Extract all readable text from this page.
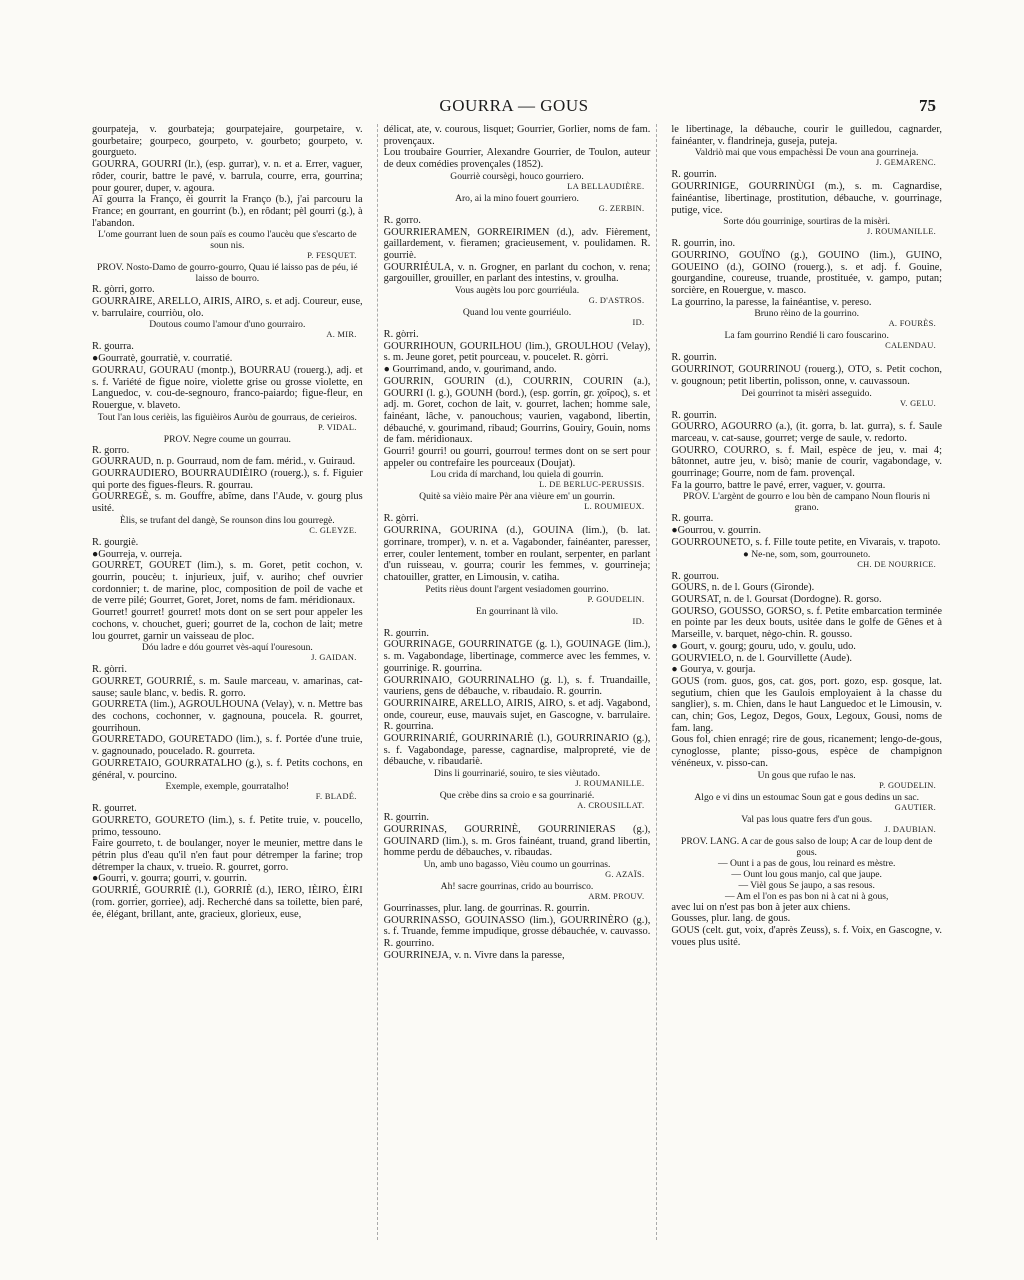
GOURRA — GOUS	75

gourpateja, v. gourbateja; gourpatejaire, gourpetaire, v. gourbetaire; gourpeco, gourpeto, v. gourbeto; gourpeto, v. gourgueto.

GOURRA, GOURRI (lr.), (esp. gurrar), v. n. et a. Errer, vaguer, rôder, courir, battre le pavé, v. barrula, courre, erra, gourrina; pour gourer, duper, v. agoura.

Aï gourra la Franço, èi gourrit la Franço (b.), j'ai parcouru la France; en gourrant, en gourrint (b.), en rôdant; pèl gourri (g.), à l'abandon.

L'ome gourrant luen de soun païs es coumo l'aucèu que s'escarto de soun nis.

P. FESQUET.

PROV. Nosto-Damo de gourro-gourro, Quau ié laisso pas de péu, ié laisso de bourro.

R. gòrri, gorro.

GOURRAIRE, ARELLO, AIRIS, AIRO, s. et adj. Coureur, euse, v. barrulaire, courriòu, olo.

Doutous coumo l'amour d'uno gourrairo.

A. MIR.

R. gourra.

●Gourratè, gourratiè, v. courratié.

GOURRAU, GOURAU (montp.), BOURRAU (rouerg.), adj. et s. f. Variété de figue noire, violette grise ou grosse violette, en Languedoc, v. cou-de-segnouro, franco-paiardo; figue-fleur, en Rouergue, v. blaveto.

Tout l'an lous cerièis, las figuièiros Auròu de gourraus, de cerieiros.

P. VIDAL.

PROV. Negre coume un gourrau.

R. gorro.

GOURRAUD, n. p. Gourraud, nom de fam. mérid., v. Guiraud.

GOURRAUDIERO, BOURRAUDIÈIRO (rouerg.), s. f. Figuier qui porte des figues-fleurs. R. gourrau.

GOURREGÈ, s. m. Gouffre, abîme, dans l'Aude, v. gourg plus usité.

Èlis, se trufant del dangè, Se rounson dins lou gourregè.

C. GLEYZE.

R. gourgiè.

●Gourreja, v. ourreja.

GOURRET, GOURET (lim.), s. m. Goret, petit cochon, v. gourrin, poucèu; t. injurieux, juif, v. auriho; chef ouvrier cordonnier; t. de marine, ploc, composition de poil de vache et de verre pilé; Gourret, Goret, Joret, noms de fam. méridionaux.

Gourret! gourret! gourret! mots dont on se sert pour appeler les cochons, v. chouchet, gueri; gourret de la, cochon de lait; metre lou gourret, garnir un vaisseau de ploc.

Dóu ladre e dóu gourret vès-aquí l'ouresoun.

J. GAIDAN.

R. gòrri.

GOURRET, GOURRIÉ, s. m. Saule marceau, v. amarinas, cat-sause; saule blanc, v. bedis. R. gorro.

GOURRETA (lim.), AGROULHOUNA (Velay), v. n. Mettre bas des cochons, cochonner, v. gagnouna, poucela. R. gourret, gourrihoun.

GOURRETADO, GOURETADO (lim.), s. f. Portée d'une truie, v. gagnounado, poucelado. R. gourreta.

GOURRETAIO, GOURRATALHO (g.), s. f. Petits cochons, en général, v. pourcino.

Exemple, exemple, gourratalho!

F. BLADÉ.

R. gourret.

GOURRETO, GOURETO (lim.), s. f. Petite truie, v. poucello, primo, tessouno.

Faire gourreto, t. de boulanger, noyer le meunier, mettre dans le pétrin plus d'eau qu'il n'en faut pour détremper la farine; trop détremper la chaux, v. trueio. R. gourret, gorro.

●Gourri, v. gourra; gourri, v. gourrin.

GOURRIÉ, GOURRIÈ (l.), GORRIÈ (d.), IERO, IÈIRO, ÈIRI (rom. gorrier, gorriee), adj. Recherché dans sa toilette, bien paré, ée, élégant, brillant, ante, gracieux, glorieux, euse,

délicat, ate, v. courous, lisquet; Gourrier, Gorlier, noms de fam. provençaux.

Lou troubaire Gourrier, Alexandre Gourrier, de Toulon, auteur de deux comédies provençales (1852).

Gourriè coursègi, houco gourriero.

LA BELLAUDIÈRE.

Aro, ai la mino fouert gourriero.

G. ZERBIN.

R. gorro.

GOURRIERAMEN, GORREIRIMEN (d.), adv. Fièrement, gaillardement, v. fieramen; gracieusement, v. poulidamen. R. gourriè.

GOURRIÉULA, v. n. Grogner, en parlant du cochon, v. rena; gargouiller, grouiller, en parlant des intestins, v. groulha.

Vous augèts lou porc gourriéula.

G. D'ASTROS.

Quand lou vente gourriéulo.

ID.

R. gòrri.

GOURRIHOUN, GOURILHOU (lim.), GROULHOU (Velay), s. m. Jeune goret, petit pourceau, v. poucelet. R. gòrri.

● Gourrimand, ando, v. gourimand, ando.

GOURRIN, GOURIN (d.), COURRIN, COURIN (a.), GOURRI (l. g.), GOUNH (bord.), (esp. gorrín, gr. χοῖρος), s. et adj. m. Goret, cochon de lait, v. gourret, lachen; homme sale, fainéant, lâche, v. panouchous; vaurien, vagabond, libertin, débauché, v. gourimand, ribaud; Gourrins, Gouiry, Gouin, noms de fam. méridionaux.

Gourri! gourri! ou gourri, gourrou! termes dont on se sert pour appeler ou contrefaire les pourceaux (Doujat).

Lou crida dí marchand, lou quiela di gourrin.

L. DE BERLUC-PERUSSIS.

Quitè sa vièio maire Pèr ana vièure em' un gourrin.

L. ROUMIEUX.

R. gòrri.

GOURRINA, GOURINA (d.), GOUINA (lim.), (b. lat. gorrinare, tromper), v. n. et a. Vagabonder, fainéanter, paresser, errer, couler lentement, tomber en roulant, serpenter, en parlant d'un ruisseau, v. gourra; courir les femmes, v. gourrineja; chatouiller, gratter, en Limousin, v. catiha.

Petits rièus dount l'argent vesiadomen gourrino.

P. GOUDELIN.

En gourrinant là vilo.

ID.

R. gourrin.

GOURRINAGE, GOURRINATGE (g. l.), GOUINAGE (lim.), s. m. Vagabondage, libertinage, commerce avec les femmes, v. gourrinige. R. gourrina.

GOURRINAIO, GOURRINALHO (g. l.), s. f. Truandaille, vauriens, gens de débauche, v. ribaudaio. R. gourrin.

GOURRINAIRE, ARELLO, AIRIS, AIRO, s. et adj. Vagabond, onde, coureur, euse, mauvais sujet, en Gascogne, v. barrulaire. R. gourrina.

GOURRINARIÉ, GOURRINARIÈ (l.), GOURRINARIO (g.), s. f. Vagabondage, paresse, cagnardise, malpropreté, vie de débauche, v. ribaudariè.

Dins li gourrinarié, souiro, te sies vièutado.

J. ROUMANILLE.

Que crèbe dins sa croio e sa gourrinarié.

A. CROUSILLAT.

R. gourrin.

GOURRINAS, GOURRINÈ, GOURRINIERAS (g.), GOUINARD (lim.), s. m. Gros fainéant, truand, grand libertin, homme perdu de débauches, v. ribaudas.

Un, amb uno bagasso, Vièu coumo un gourrinas.

G. AZAÏS.

Ah! sacre gourrinas, crido au bourrisco.

ARM. PROUV.

Gourrinasses, plur. lang. de gourrinas. R. gourrin.

GOURRINASSO, GOUINASSO (lim.), GOURRINÈRO (g.), s. f. Truande, femme impudique, grosse débauchée, v. cauvasso. R. gourrino.

GOURRINEJA, v. n. Vivre dans la paresse,

le libertinage, la débauche, courir le guilledou, cagnarder, fainéanter, v. flandrineja, guseja, puteja.

Valdriò mai que vous empachèssi De voun ana gourrineja.

J. GEMARENC.

R. gourrin.

GOURRINIGE, GOURRINÙGI (m.), s. m. Cagnardise, fainéantise, libertinage, prostitution, débauche, v. gourrinage, putige, vice.

Sorte dóu gourrinige, sourtiras de la misèri.

J. ROUMANILLE.

R. gourrin, ino.

GOURRINO, GOUÏNO (g.), GOUINO (lim.), GUINO, GOUEINO (d.), GOINO (rouerg.), s. et adj. f. Gouine, gourgandine, coureuse, truande, prostituée, v. gampo, putan; sorcière, en Rouergue, v. masco.

La gourrino, la paresse, la fainéantise, v. pereso.

Bruno rèino de la gourrino.

A. FOURÈS.

La fam gourrino Rendié li caro fouscarino.

CALENDAU.

R. gourrin.

GOURRINOT, GOURRINOU (rouerg.), OTO, s. Petit cochon, v. gougnoun; petit libertin, polisson, onne, v. cauvassoun.

Dei gourrinot ta misèri asseguido.

V. GELU.

R. gourrin.

GOURRO, AGOURRO (a.), (it. gorra, b. lat. gurra), s. f. Saule marceau, v. cat-sause, gourret; verge de saule, v. redorto.

GOURRO, COURRO, s. f. Mail, espèce de jeu, v. mai 4; bâtonnet, autre jeu, v. bisò; manie de courir, vagabondage, v. gourrinage; Gourre, nom de fam. provençal.

Fa la gourro, battre le pavé, errer, vaguer, v. gourra.

PROV. L'argènt de gourro e lou bèn de campano Noun flouris ni grano.

R. gourra.

●Gourrou, v. gourrin.

GOURROUNETO, s. f. Fille toute petite, en Vivarais, v. trapoto.

● Ne-ne, som, som, gourrouneto.

CH. DE NOURRICE.

R. gourrou.

GOURS, n. de l. Gours (Gironde).

GOURSAT, n. de l. Goursat (Dordogne). R. gorso.

GOURSO, GOUSSO, GORSO, s. f. Petite embarcation terminée en pointe par les deux bouts, usitée dans le golfe de Gênes et à Marseille, v. barquet, nègo-chin. R. gousso.

● Gourt, v. gourg; gouru, udo, v. goulu, udo.

GOURVIELO, n. de l. Gourvillette (Aude).

● Gourya, v. gourja.

GOUS (rom. guos, gos, cat. gos, port. gozo, esp. gosque, lat. segutium, chien que les Gaulois employaient à la chasse du sanglier), s. m. Chien, dans le haut Languedoc et le Limousin, v. can, chin; Gos, Legoz, Degos, Goux, Legoux, Gousi, noms de fam. lang.

Gous fol, chien enragé; rire de gous, ricanement; lengo-de-gous, cynoglosse, plante; pisso-gous, espèce de champignon vénéneux, v. pisso-can.

Un gous que rufao le nas.

P. GOUDELIN.

Algo e vi dins un estoumac Soun gat e gous dedins un sac.

GAUTIER.

Val pas lous quatre fers d'un gous.

J. DAUBIAN.

PROV. LANG. A car de gous salso de loup; A car de loup dent de gous.

— Ount i a pas de gous, lou reinard es mèstre.

— Ount lou gous manjo, cal que jaupe.

— Vièl gous Se jaupo, a sas resous.

— Am el l'on es pas bon ni à cat ni à gous,

avec lui on n'est pas bon à jeter aux chiens.

Gousses, plur. lang. de gous.

GOUS (celt. gut, voix, d'après Zeuss), s. f. Voix, en Gascogne, v. voues plus usité.
